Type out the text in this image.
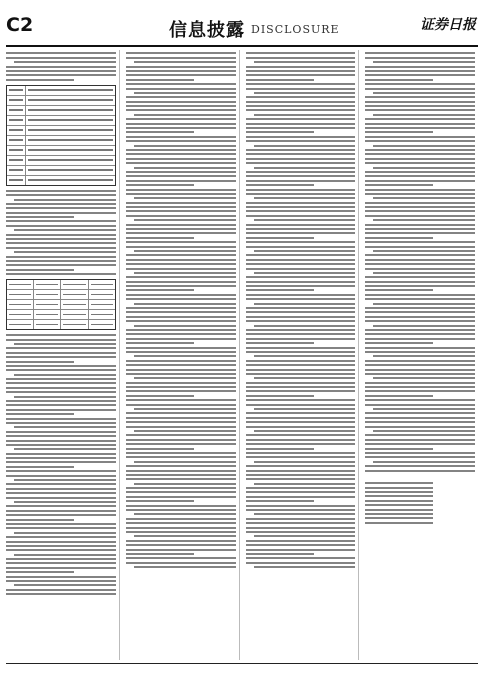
C2	信息披露 DISCLOSURE	证券日报
